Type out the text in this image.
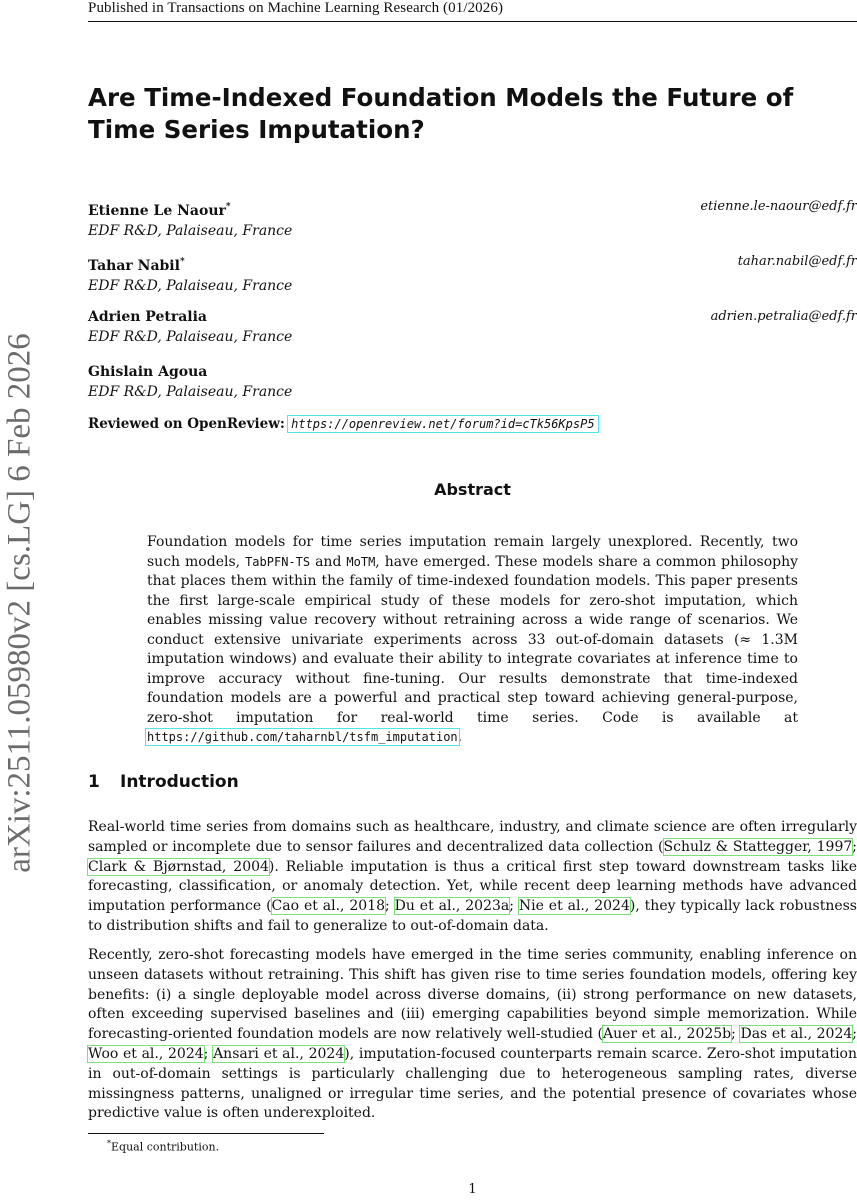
Published in Transactions on Machine Learning Research (01/2026)
arXiv:2511.05980v2 [cs.LG] 6 Feb 2026
Are Time-Indexed Foundation Models the Future of Time Series Imputation?
Etienne Le Naour*
EDF R&D, Palaiseau, France
etienne.le-naour@edf.fr
Tahar Nabil*
EDF R&D, Palaiseau, France
tahar.nabil@edf.fr
Adrien Petralia
EDF R&D, Palaiseau, France
adrien.petralia@edf.fr
Ghislain Agoua
EDF R&D, Palaiseau, France
Reviewed on OpenReview: https://openreview.net/forum?id=cTk56KpsP5
Abstract
Foundation models for time series imputation remain largely unexplored. Recently, two such models, TabPFN-TS and MoTM, have emerged. These models share a common philosophy that places them within the family of time-indexed foundation models. This paper presents the first large-scale empirical study of these models for zero-shot imputation, which enables missing value recovery without retraining across a wide range of scenarios. We conduct extensive univariate experiments across 33 out-of-domain datasets (≈ 1.3M imputation windows) and evaluate their ability to integrate covariates at inference time to improve accuracy without fine-tuning. Our results demonstrate that time-indexed foundation models are a powerful and practical step toward achieving general-purpose, zero-shot imputation for real-world time series. Code is available at https://github.com/taharnbl/tsfm_imputation.
1 Introduction
Real-world time series from domains such as healthcare, industry, and climate science are often irregularly sampled or incomplete due to sensor failures and decentralized data collection (Schulz & Stattegger, 1997; Clark & Bjørnstad, 2004). Reliable imputation is thus a critical first step toward downstream tasks like forecasting, classification, or anomaly detection. Yet, while recent deep learning methods have advanced imputation performance (Cao et al., 2018; Du et al., 2023a; Nie et al., 2024), they typically lack robustness to distribution shifts and fail to generalize to out-of-domain data.
Recently, zero-shot forecasting models have emerged in the time series community, enabling inference on unseen datasets without retraining. This shift has given rise to time series foundation models, offering key benefits: (i) a single deployable model across diverse domains, (ii) strong performance on new datasets, often exceeding supervised baselines and (iii) emerging capabilities beyond simple memorization. While forecasting-oriented foundation models are now relatively well-studied (Auer et al., 2025b; Das et al., 2024; Woo et al., 2024; Ansari et al., 2024), imputation-focused counterparts remain scarce. Zero-shot imputation in out-of-domain settings is particularly challenging due to heterogeneous sampling rates, diverse missingness patterns, unaligned or irregular time series, and the potential presence of covariates whose predictive value is often underexploited.
*Equal contribution.
1
